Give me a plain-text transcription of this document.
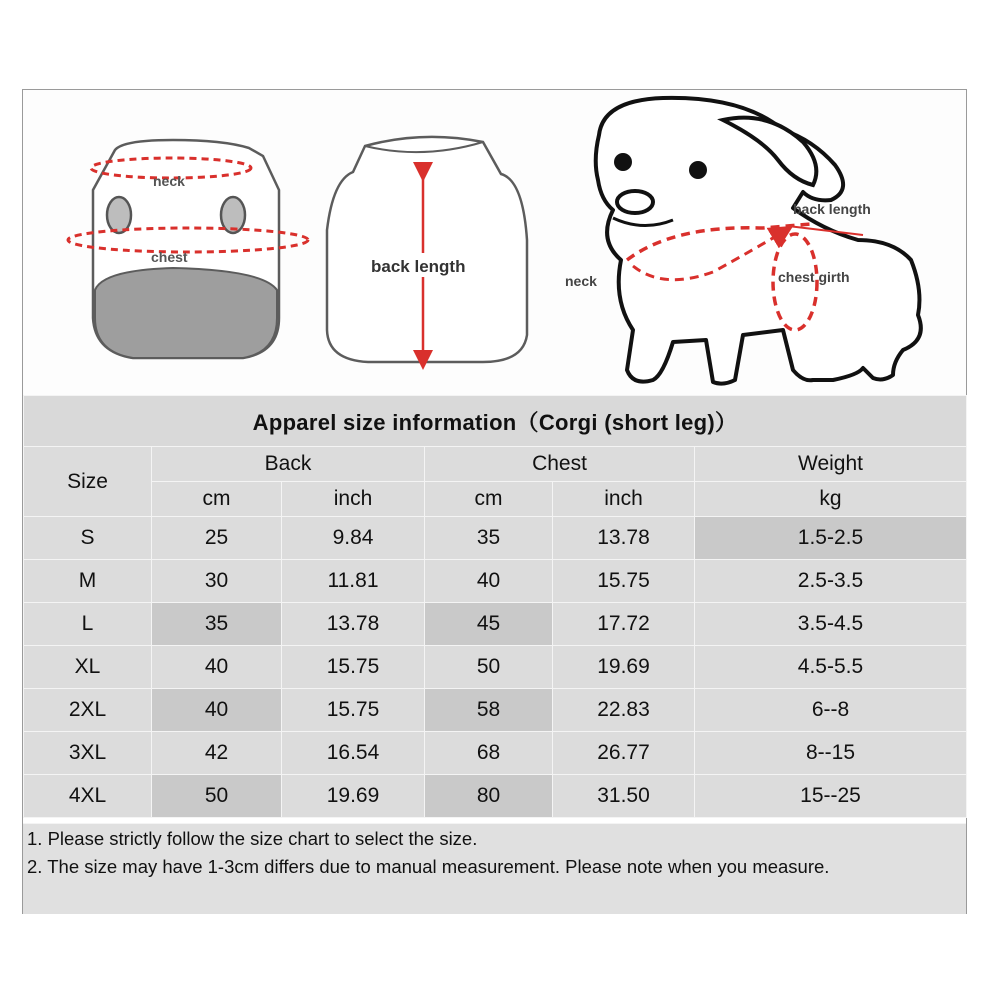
neck
chest	back length
back length
neck	chest girth
Apparel size information（Corgi (short leg)）					
Size	Back		Chest		Weight
	cm	inch	cm	inch	kg
S	25	9.84	35	13.78	1.5-2.5
M	30	11.81	40	15.75	2.5-3.5
L	35	13.78	45	17.72	3.5-4.5
XL	40	15.75	50	19.69	4.5-5.5
2XL	40	15.75	58	22.83	6--8
3XL	42	16.54	68	26.77	8--15
4XL	50	19.69	80	31.50	15--25

1. Please strictly follow the size chart to select the size.

2. The size may have 1-3cm differs due to manual measurement. Please note when you measure.
